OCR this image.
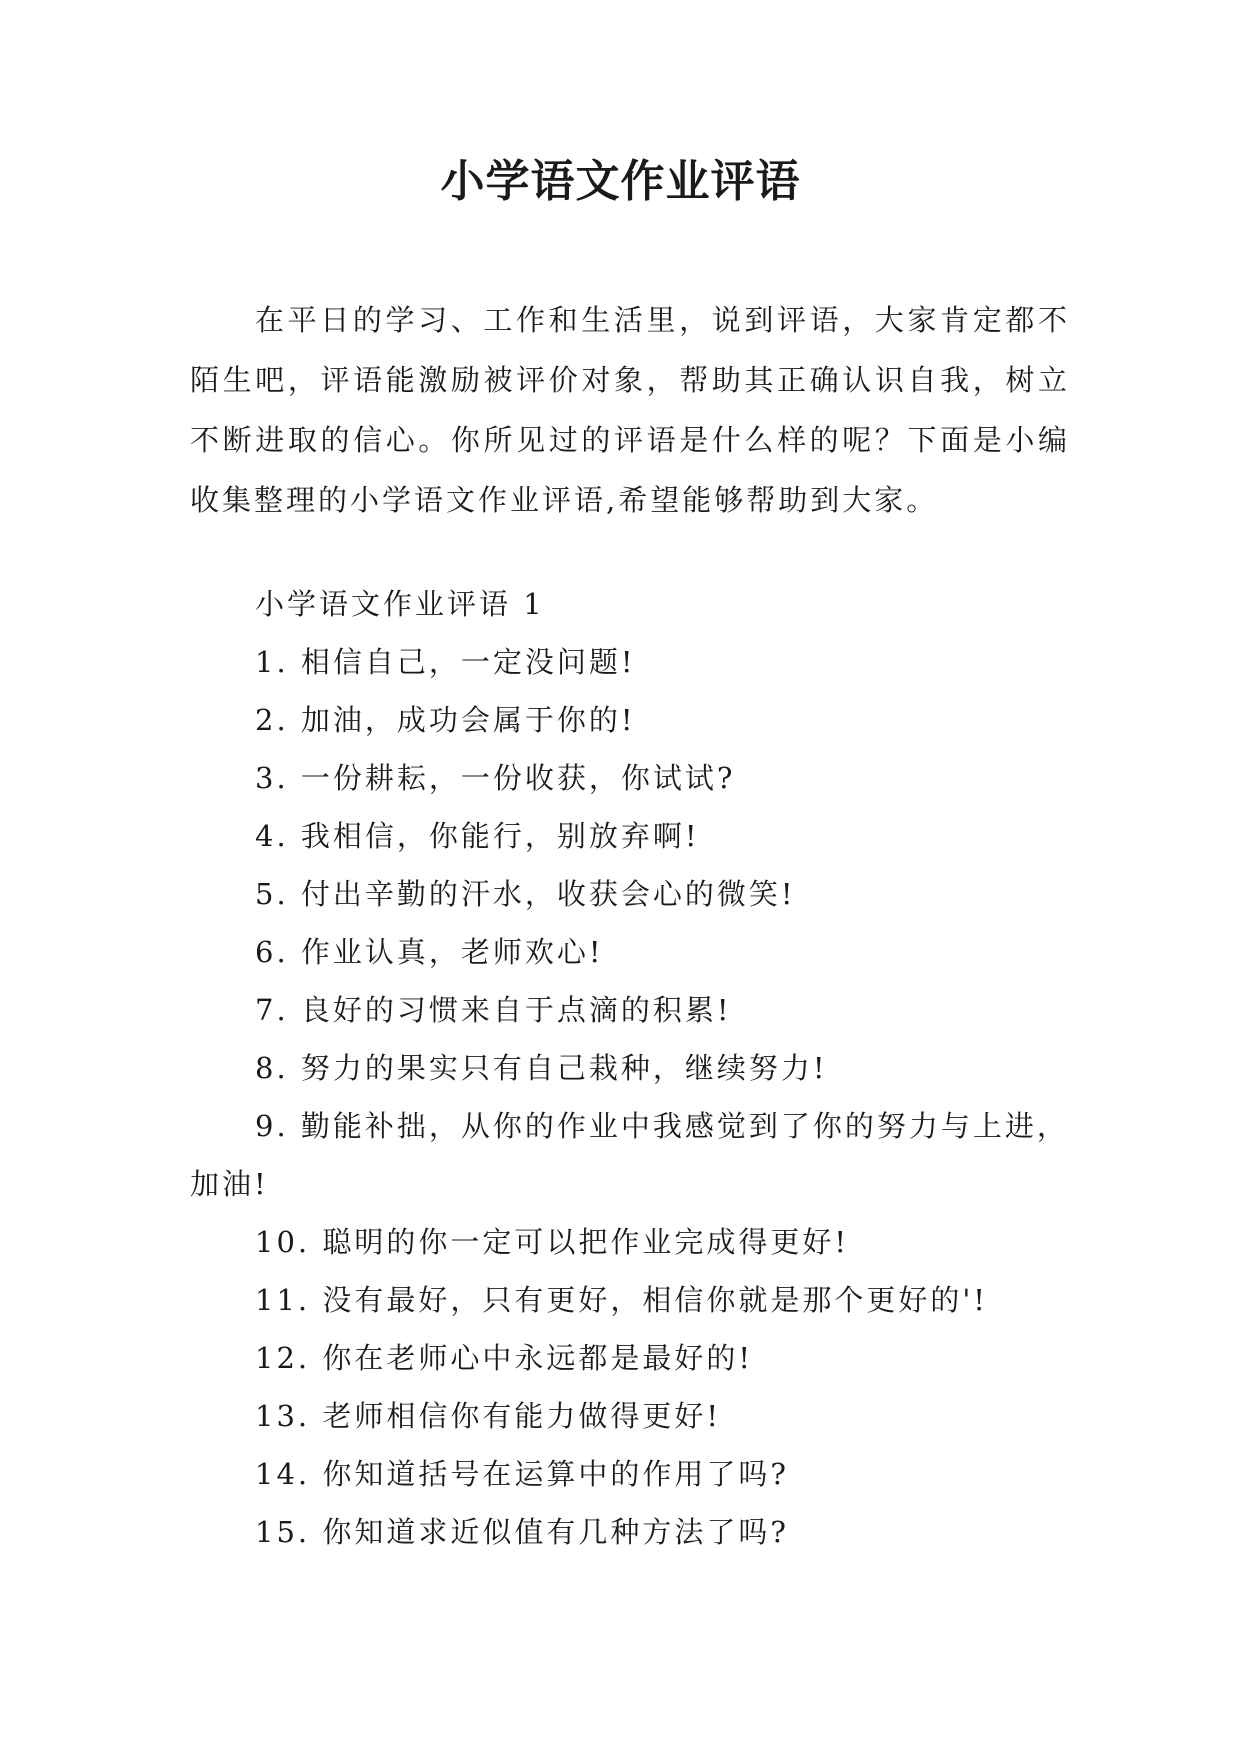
小学语文作业评语

在平日的学习、工作和生活里，说到评语，大家肯定都不陌生吧，评语能激励被评价对象，帮助其正确认识自我，树立不断进取的信心。你所见过的评语是什么样的呢？下面是小编收集整理的小学语文作业评语,希望能够帮助到大家。

小学语文作业评语 1

1. 相信自己，一定没问题!
2. 加油，成功会属于你的!
3. 一份耕耘，一份收获，你试试?
4. 我相信，你能行，别放弃啊!
5. 付出辛勤的汗水，收获会心的微笑!
6. 作业认真，老师欢心!
7. 良好的习惯来自于点滴的积累!
8. 努力的果实只有自己栽种，继续努力!
9. 勤能补拙，从你的作业中我感觉到了你的努力与上进，加油!
10. 聪明的你一定可以把作业完成得更好!
11. 没有最好，只有更好，相信你就是那个更好的'!
12. 你在老师心中永远都是最好的!
13. 老师相信你有能力做得更好!
14. 你知道括号在运算中的作用了吗?
15. 你知道求近似值有几种方法了吗?
